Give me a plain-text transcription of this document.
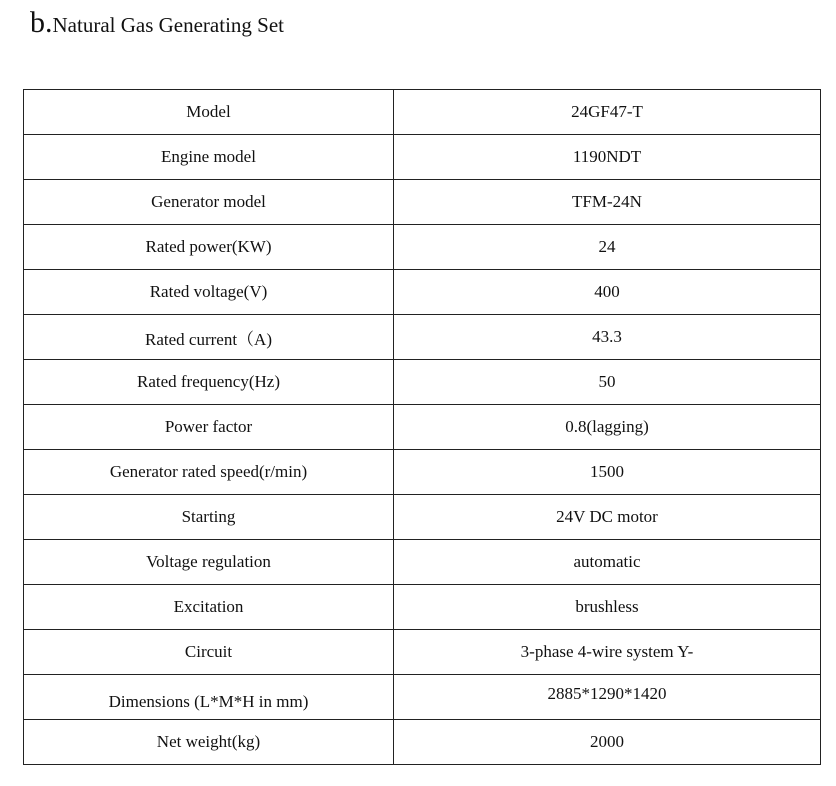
b.Natural Gas Generating Set
Model	24GF47-T
Engine model	1190NDT
Generator model	TFM-24N
Rated power(KW)	24
Rated voltage(V)	400
Rated current（A)	43.3
Rated frequency(Hz)	50
Power factor	0.8(lagging)
Generator rated speed(r/min)	1500
Starting	24V DC motor
Voltage regulation	automatic
Excitation	brushless
Circuit	3-phase 4-wire system Y-
Dimensions (L*M*H in mm)	2885*1290*1420
Net weight(kg)	2000
